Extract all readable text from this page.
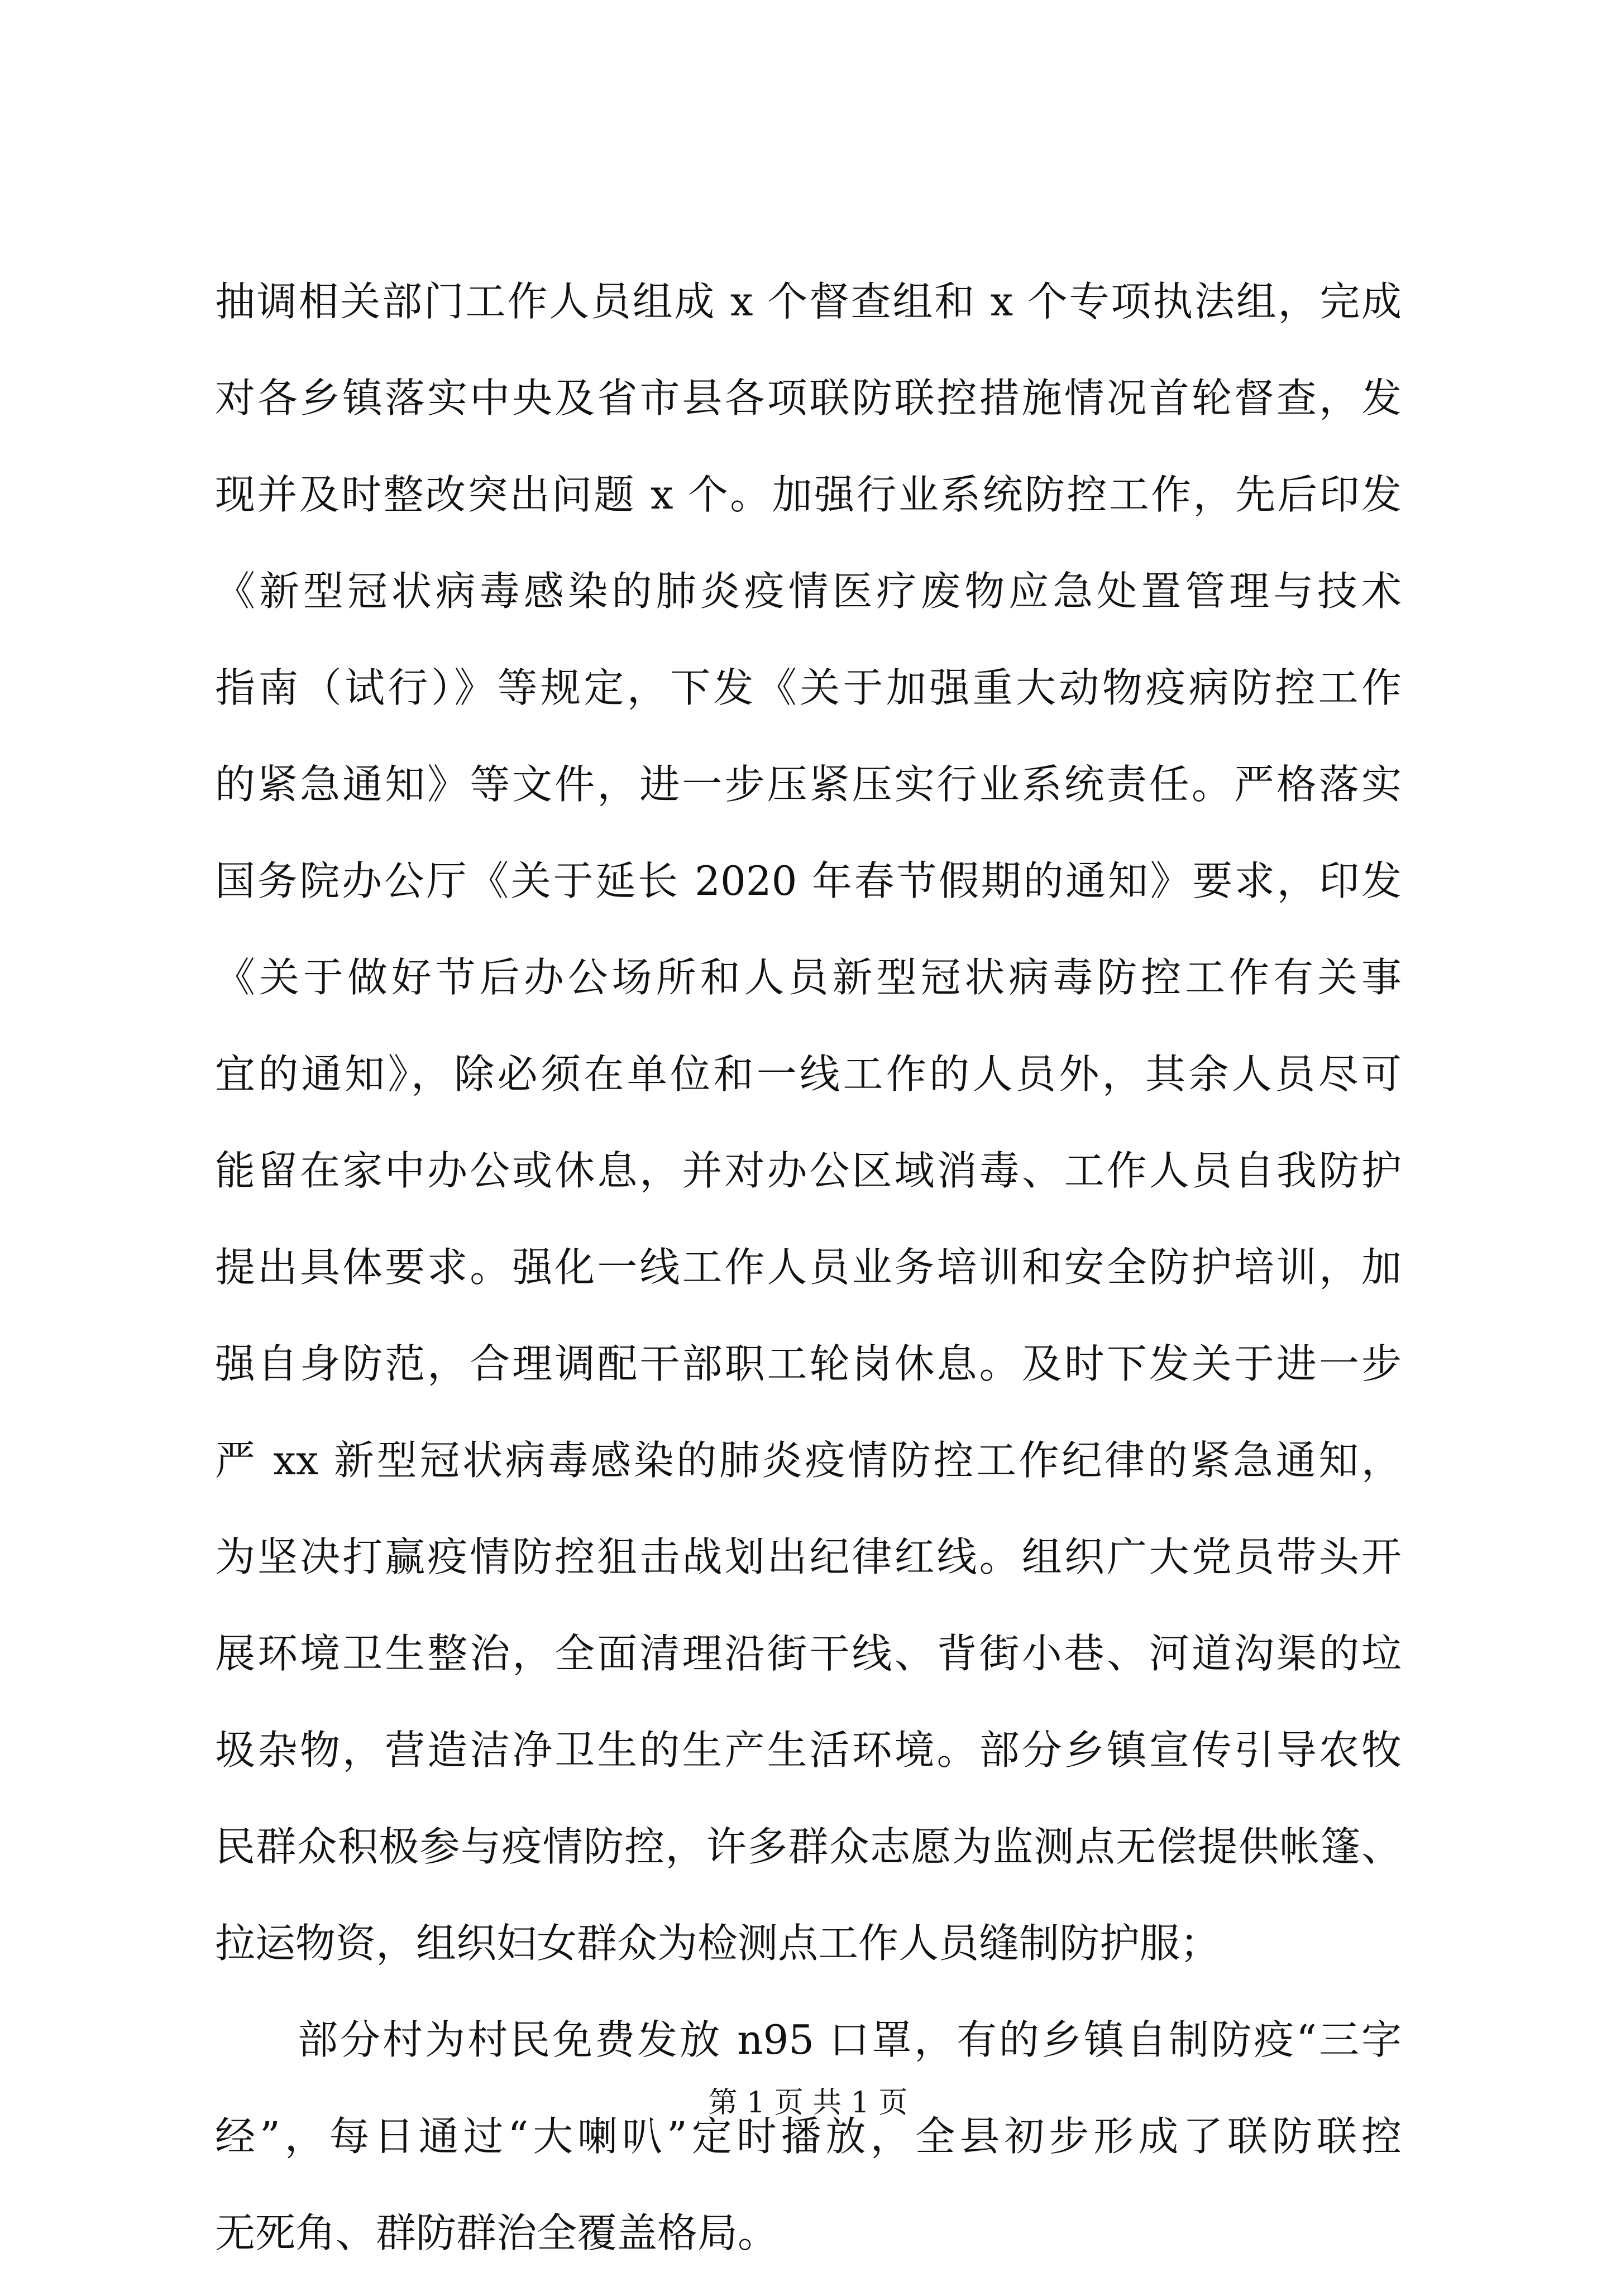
抽调相关部门工作人员组成 x 个督查组和 x 个专项执法组，完成
对各乡镇落实中央及省市县各项联防联控措施情况首轮督查，发
现并及时整改突出问题 x 个。加强行业系统防控工作，先后印发
《新型冠状病毒感染的肺炎疫情医疗废物应急处置管理与技术
指南（试行）》等规定，下发《关于加强重大动物疫病防控工作
的紧急通知》等文件，进一步压紧压实行业系统责任。严格落实
国务院办公厅《关于延长 2020 年春节假期的通知》要求，印发
《关于做好节后办公场所和人员新型冠状病毒防控工作有关事
宜的通知》，除必须在单位和一线工作的人员外，其余人员尽可
能留在家中办公或休息，并对办公区域消毒、工作人员自我防护
提出具体要求。强化一线工作人员业务培训和安全防护培训，加
强自身防范，合理调配干部职工轮岗休息。及时下发关于进一步
严 xx 新型冠状病毒感染的肺炎疫情防控工作纪律的紧急通知，
为坚决打赢疫情防控狙击战划出纪律红线。组织广大党员带头开
展环境卫生整治，全面清理沿街干线、背街小巷、河道沟渠的垃
圾杂物，营造洁净卫生的生产生活环境。部分乡镇宣传引导农牧
民群众积极参与疫情防控，许多群众志愿为监测点无偿提供帐篷、
拉运物资，组织妇女群众为检测点工作人员缝制防护服；
部分村为村民免费发放 n95 口罩，有的乡镇自制防疫“三字
经”，每日通过“大喇叭”定时播放，全县初步形成了联防联控
无死角、群防群治全覆盖格局。
第 1 页 共 1 页
